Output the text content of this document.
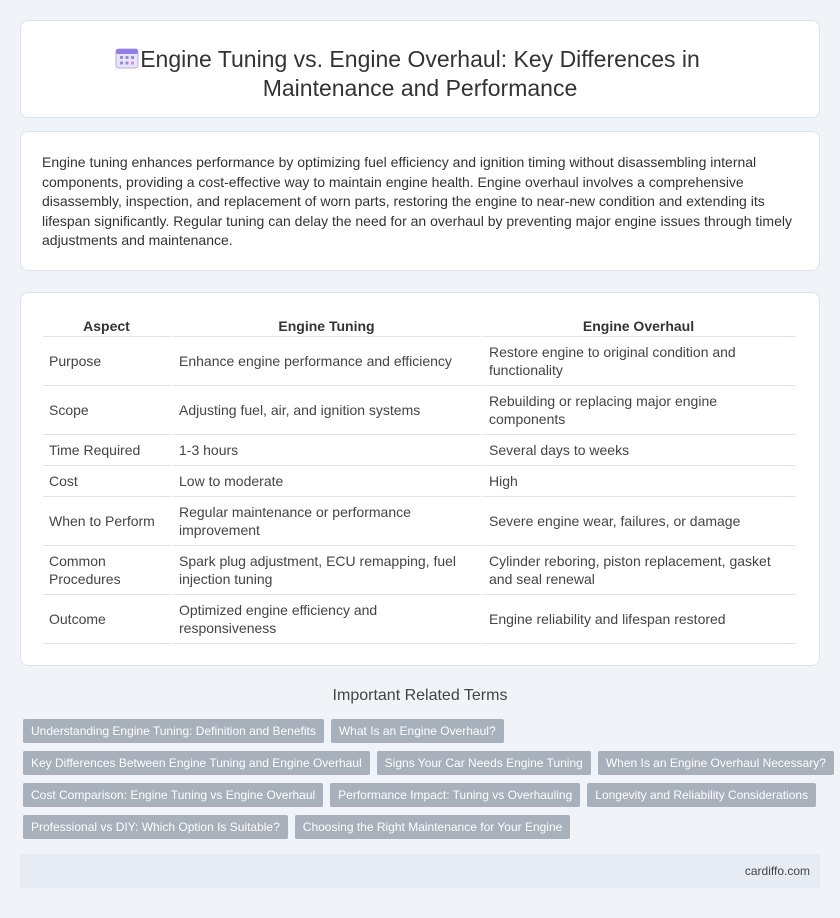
Engine Tuning vs. Engine Overhaul: Key Differences in
Maintenance and Performance

Engine tuning enhances performance by optimizing fuel efficiency and ignition timing without disassembling internal components, providing a cost-effective way to maintain engine health. Engine overhaul involves a comprehensive disassembly, inspection, and replacement of worn parts, restoring the engine to near-new condition and extending its lifespan significantly. Regular tuning can delay the need for an overhaul by preventing major engine issues through timely adjustments and maintenance.

Aspect	Engine Tuning	Engine Overhaul
Purpose	Enhance engine performance and efficiency	Restore engine to original condition and functionality
Scope	Adjusting fuel, air, and ignition systems	Rebuilding or replacing major engine components
Time Required	1-3 hours	Several days to weeks
Cost	Low to moderate	High
When to Perform	Regular maintenance or performance improvement	Severe engine wear, failures, or damage
Common Procedures	Spark plug adjustment, ECU remapping, fuel injection tuning	Cylinder reboring, piston replacement, gasket and seal renewal
Outcome	Optimized engine efficiency and responsiveness	Engine reliability and lifespan restored
Important Related Terms
Understanding Engine Tuning: Definition and Benefits	What Is an Engine Overhaul?
Key Differences Between Engine Tuning and Engine Overhaul	Signs Your Car Needs Engine Tuning	When Is an Engine Overhaul Necessary?
Cost Comparison: Engine Tuning vs Engine Overhaul	Performance Impact: Tuning vs Overhauling	Longevity and Reliability Considerations
Professional vs DIY: Which Option Is Suitable?	Choosing the Right Maintenance for Your Engine
cardiffo.com
